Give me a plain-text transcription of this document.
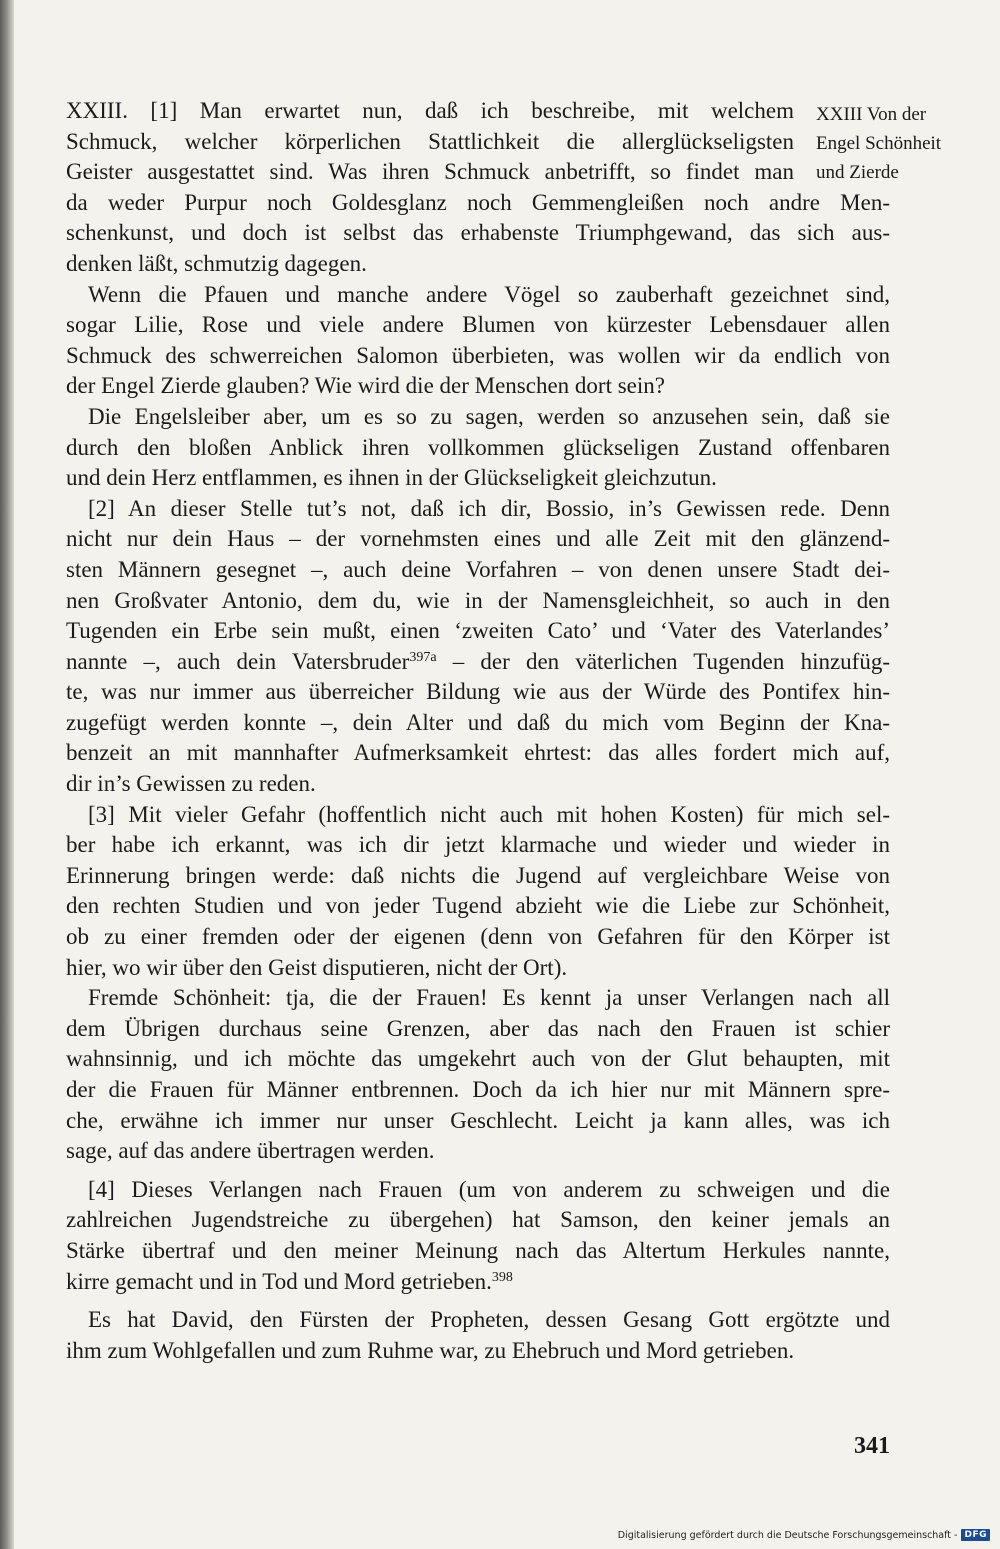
XXIII Von der
Engel Schönheit
und Zierde
XXIII. [1] Man erwartet nun, daß ich beschreibe, mit welchem
Schmuck, welcher körperlichen Stattlichkeit die allerglückseligsten
Geister ausgestattet sind. Was ihren Schmuck anbetrifft, so findet man
da weder Purpur noch Goldesglanz noch Gemmengleißen noch andre Men-
schenkunst, und doch ist selbst das erhabenste Triumphgewand, das sich aus-
denken läßt, schmutzig dagegen.
Wenn die Pfauen und manche andere Vögel so zauberhaft gezeichnet sind,
sogar Lilie, Rose und viele andere Blumen von kürzester Lebensdauer allen
Schmuck des schwerreichen Salomon überbieten, was wollen wir da endlich von
der Engel Zierde glauben? Wie wird die der Menschen dort sein?
Die Engelsleiber aber, um es so zu sagen, werden so anzusehen sein, daß sie
durch den bloßen Anblick ihren vollkommen glückseligen Zustand offenbaren
und dein Herz entflammen, es ihnen in der Glückseligkeit gleichzutun.
[2] An dieser Stelle tut’s not, daß ich dir, Bossio, in’s Gewissen rede. Denn
nicht nur dein Haus – der vornehmsten eines und alle Zeit mit den glänzend-
sten Männern gesegnet –, auch deine Vorfahren – von denen unsere Stadt dei-
nen Großvater Antonio, dem du, wie in der Namensgleichheit, so auch in den
Tugenden ein Erbe sein mußt, einen ‘zweiten Cato’ und ‘Vater des Vaterlandes’
nannte –, auch dein Vatersbruder$^{397a}$ – der den väterlichen Tugenden hinzufüg-
te, was nur immer aus überreicher Bildung wie aus der Würde des Pontifex hin-
zugefügt werden konnte –, dein Alter und daß du mich vom Beginn der Kna-
benzeit an mit mannhafter Aufmerksamkeit ehrtest: das alles fordert mich auf,
dir in’s Gewissen zu reden.
[3] Mit vieler Gefahr (hoffentlich nicht auch mit hohen Kosten) für mich sel-
ber habe ich erkannt, was ich dir jetzt klarmache und wieder und wieder in
Erinnerung bringen werde: daß nichts die Jugend auf vergleichbare Weise von
den rechten Studien und von jeder Tugend abzieht wie die Liebe zur Schönheit,
ob zu einer fremden oder der eigenen (denn von Gefahren für den Körper ist
hier, wo wir über den Geist disputieren, nicht der Ort).
Fremde Schönheit: tja, die der Frauen! Es kennt ja unser Verlangen nach all
dem Übrigen durchaus seine Grenzen, aber das nach den Frauen ist schier
wahnsinnig, und ich möchte das umgekehrt auch von der Glut behaupten, mit
der die Frauen für Männer entbrennen. Doch da ich hier nur mit Männern spre-
che, erwähne ich immer nur unser Geschlecht. Leicht ja kann alles, was ich
sage, auf das andere übertragen werden.
[4] Dieses Verlangen nach Frauen (um von anderem zu schweigen und die
zahlreichen Jugendstreiche zu übergehen) hat Samson, den keiner jemals an
Stärke übertraf und den meiner Meinung nach das Altertum Herkules nannte,
kirre gemacht und in Tod und Mord getrieben.$^{398}$
Es hat David, den Fürsten der Propheten, dessen Gesang Gott ergötzte und
ihm zum Wohlgefallen und zum Ruhme war, zu Ehebruch und Mord getrieben.
341
Digitalisierung gefördert durch die Deutsche Forschungsgemeinschaft - DFG
